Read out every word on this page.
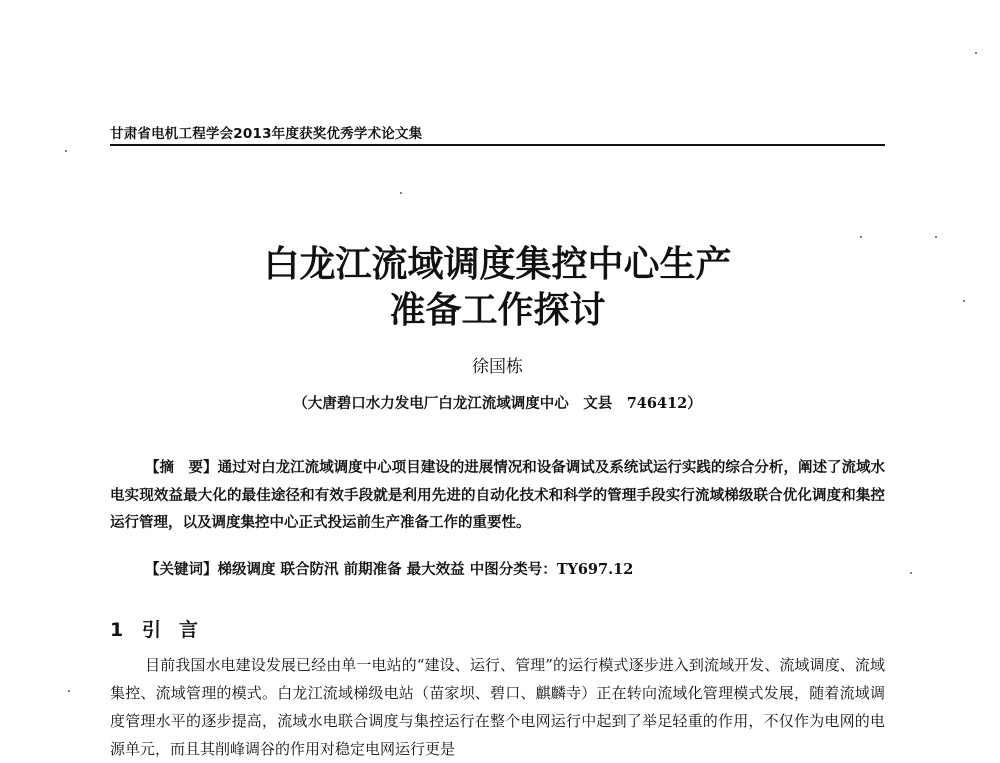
甘肃省电机工程学会2013年度获奖优秀学术论文集
白龙江流域调度集控中心生产
准备工作探讨
徐国栋
（大唐碧口水力发电厂白龙江流域调度中心　文县　746412）
【摘　要】通过对白龙江流域调度中心项目建设的进展情况和设备调试及系统试运行实践的综合分析，阐述了流域水电实现效益最大化的最佳途径和有效手段就是利用先进的自动化技术和科学的管理手段实行流域梯级联合优化调度和集控运行管理，以及调度集控中心正式投运前生产准备工作的重要性。
【关键词】梯级调度 联合防汛 前期准备 最大效益 中图分类号：TY697.12
1 引言
目前我国水电建设发展已经由单一电站的“建设、运行、管理”的运行模式逐步进入到流域开发、流域调度、流域集控、流域管理的模式。白龙江流域梯级电站（苗家坝、碧口、麒麟寺）正在转向流域化管理模式发展，随着流域调度管理水平的逐步提高，流域水电联合调度与集控运行在整个电网运行中起到了举足轻重的作用，不仅作为电网的电源单元，而且其削峰调谷的作用对稳定电网运行更是
